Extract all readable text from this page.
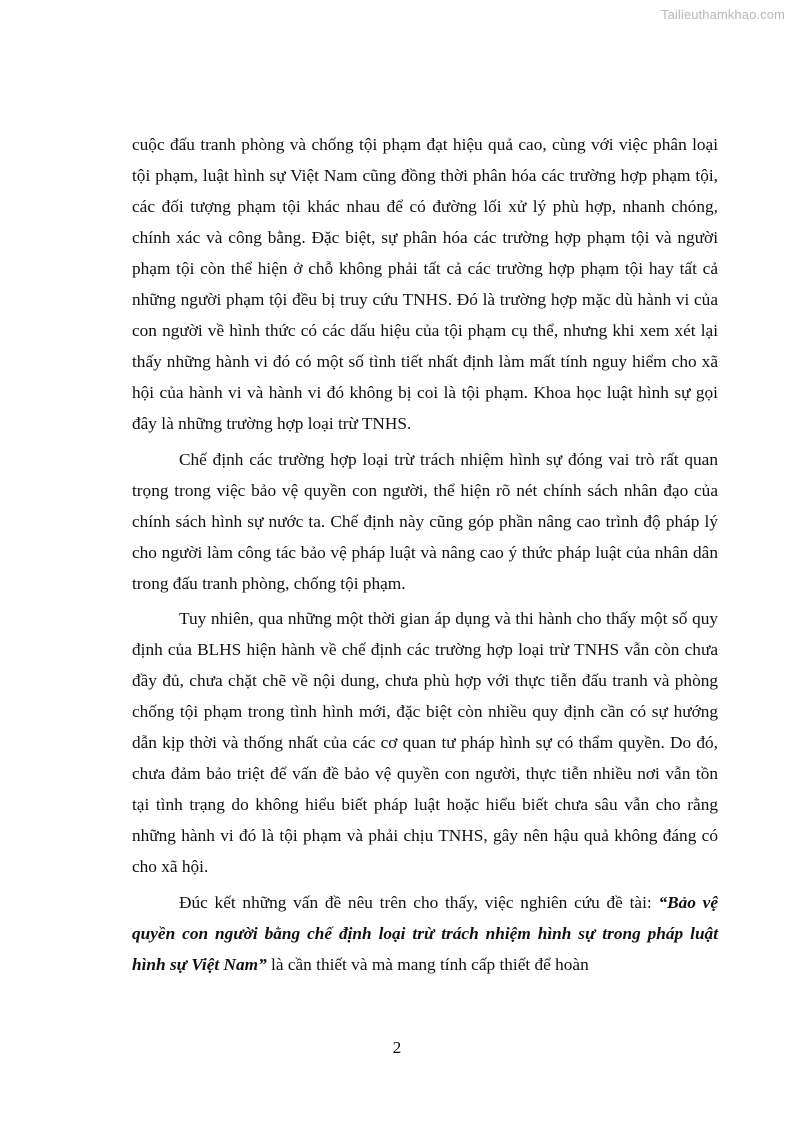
Tailieuthamkhao.com

cuộc đấu tranh phòng và chống tội phạm đạt hiệu quả cao, cùng với việc phân loại tội phạm, luật hình sự Việt Nam cũng đồng thời phân hóa các trường hợp phạm tội, các đối tượng phạm tội khác nhau để có đường lối xử lý phù hợp, nhanh chóng, chính xác và công bằng. Đặc biệt, sự phân hóa các trường hợp phạm tội và người phạm tội còn thể hiện ở chỗ không phải tất cả các trường hợp phạm tội hay tất cả những người phạm tội đều bị truy cứu TNHS. Đó là trường hợp mặc dù hành vi của con người về hình thức có các dấu hiệu của tội phạm cụ thể, nhưng khi xem xét lại thấy những hành vi đó có một số tình tiết nhất định làm mất tính nguy hiểm cho xã hội của hành vi và hành vi đó không bị coi là tội phạm. Khoa học luật hình sự gọi đây là những trường hợp loại trừ TNHS.

Chế định các trường hợp loại trừ trách nhiệm hình sự đóng vai trò rất quan trọng trong việc bảo vệ quyền con người, thể hiện rõ nét chính sách nhân đạo của chính sách hình sự nước ta. Chế định này cũng góp phần nâng cao trình độ pháp lý cho người làm công tác bảo vệ pháp luật và nâng cao ý thức pháp luật của nhân dân trong đấu tranh phòng, chống tội phạm.

Tuy nhiên, qua những một thời gian áp dụng và thi hành cho thấy một số quy định của BLHS hiện hành về chế định các trường hợp loại trừ TNHS vẫn còn chưa đầy đủ, chưa chặt chẽ về nội dung, chưa phù hợp với thực tiễn đấu tranh và phòng chống tội phạm trong tình hình mới, đặc biệt còn nhiều quy định cần có sự hướng dẫn kịp thời và thống nhất của các cơ quan tư pháp hình sự có thẩm quyền. Do đó, chưa đảm bảo triệt để vấn đề bảo vệ quyền con người, thực tiễn nhiều nơi vẫn tồn tại tình trạng do không hiểu biết pháp luật hoặc hiểu biết chưa sâu vẫn cho rằng những hành vi đó là tội phạm và phải chịu TNHS, gây nên hậu quả không đáng có cho xã hội.

Đúc kết những vấn đề nêu trên cho thấy, việc nghiên cứu đề tài: “Bảo vệ quyền con người bằng chế định loại trừ trách nhiệm hình sự trong pháp luật hình sự Việt Nam” là cần thiết và mà mang tính cấp thiết để hoàn

2
